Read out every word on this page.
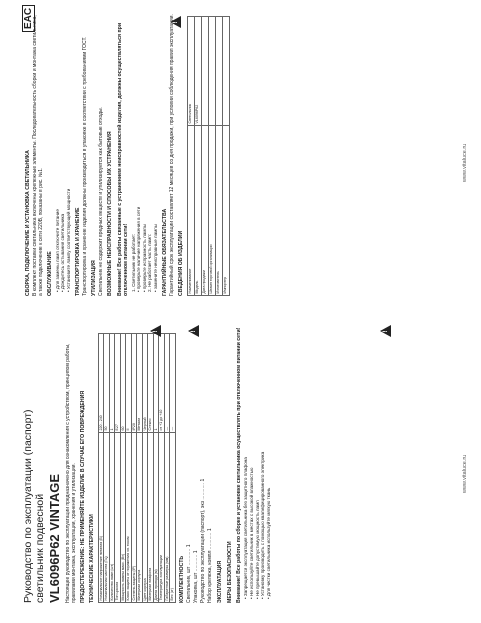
Руководство по эксплуатации (паспорт) светильник подвесной VL6096P62 VINTAGE Настоящее руководство по эксплуатации предназначено для ознакомления с устройством, принципом работы, правилами монтажа, эксплуатации, хранения и утилизации. ПРЕДОСТЕРЕЖЕНИЕ: НЕ ПРИМЕНЯЙТЕ ИЗДЕЛИЕ В СЛУЧАЕ ЕГО ПОВРЕЖДЕНИЯ ТЕХНИЧЕСКИЕ ХАРАКТЕРИСТИКИ Номинальное напряжение питания (В)	220 - 240
Номинальная частота (Гц)	50
Количество ламп (шт)	1
Тип цоколя	E27
Мощность лампы макс. (Вт)	60
Класс защиты от поражения эл. током	II
Степень защиты (IP)	IP20
Материал корпуса	Металл
Цвет корпуса	Черный
Материал плафона	Стекло
Длина провода (м)	1
Температура эксплуатации	от +1 до +40
Габаритные размеры (мм)	—
Вес (кг)	—

КОМПЛЕКТНОСТЬ Светильник, шт ............ 1 Упаковка, шт ............ 1 Руководство по эксплуатации (паспорт), экз ............ 1 Набор крепежа, компл ............ 1 ЭКСПЛУАТАЦИЯ МЕРЫ БЕЗОПАСНОСТИ Внимание! Все работы по сборке и установке светильника осуществлять при отключенном питании сети! • Запрещается эксплуатация светильника без защитного плафона • Не используйте светильник в местах с высокой влажностью • Не превышайте допустимую мощность ламп • Установку производить с помощью квалифицированного электрика • Для чистки светильника используйте мягкую ткань

!
!
!
www.vitaluce.ru

СБОРКА, ПОДКЛЮЧЕНИЕ И УСТАНОВКА СВЕТИЛЬНИКА В комплект поставки светильника включены крепежные элементы. Последовательность сборки и монтажа светильника, а также подключение к сети 220В, показаны в рис. №1. ОБСЛУЖИВАНИЕ • Для замены ламп отключите питание • Дождитесь остывания светильника • Установите лампу соответствующей мощности ТРАНСПОРТИРОВКА И ХРАНЕНИЕ Транспортировка и хранение изделия должны производиться в упаковке в соответствии с требованиями ГОСТ. УТИЛИЗАЦИЯ Светильник не содержит вредных веществ и утилизируется как бытовые отходы. ВОЗМОЖНЫЕ НЕИСПРАВНОСТИ И СПОСОБЫ ИХ УСТРАНЕНИЯ Внимание! Все работы связанные с устранением неисправностей изделия, должны осуществляться при отключенном питании сети! 1. Светильник не работает: • проверьте наличие напряжения в сети • проверьте исправность лампы 2. Не работает часть ламп: • замените неисправные лампы ГАРАНТИЙНЫЕ ОБЯЗАТЕЛЬСТВА Гарантийный срок эксплуатации составляет 12 месяцев со дня продажи, при условии соблюдения правил эксплуатации. СВЕДЕНИЯ ОБ ИЗДЕЛИИ Наименование	Светильник
Модель	VL6096P62
Дата продажи	
Штамп торговой организации	
Изготовитель	
Импортер	
EAC
!
www.vitaluce.ru
